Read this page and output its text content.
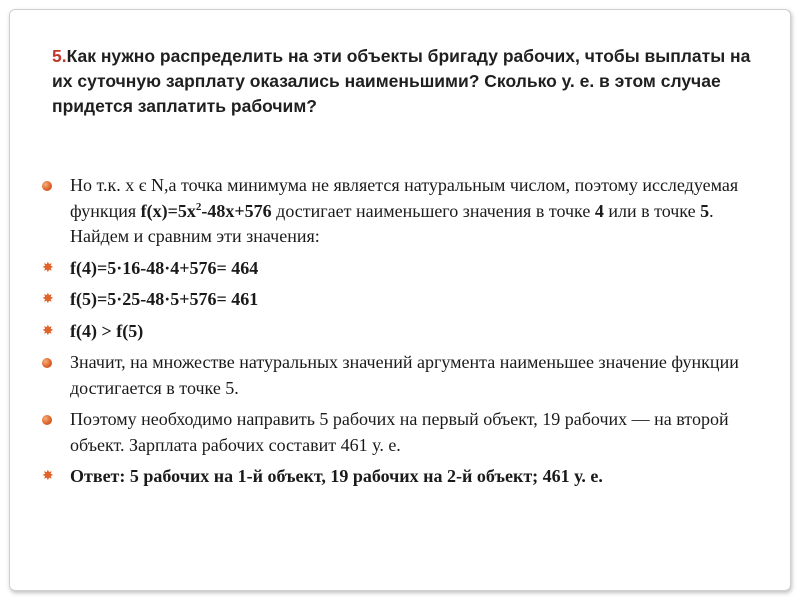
5.Как нужно распределить на эти объекты бригаду рабочих, чтобы выплаты на их суточную зарплату оказались наименьшими? Сколько у. е. в этом случае придется заплатить рабочим?
Но т.к. х є N,а точка минимума не является натуральным числом, поэтому исследуемая функция $f(x)=5x^2-48x+576$ достигает наименьшего значения в точке 4 или в точке 5. Найдем и сравним эти значения:
✸ f(4)=5·16-48·4+576= 464
✸ f(5)=5·25-48·5+576= 461
✸ f(4) > f(5)
Значит, на множестве натуральных значений аргумента наименьшее значение функции достигается в точке 5.
Поэтому необходимо направить 5 рабочих на первый объект, 19 рабочих — на второй объект. Зарплата рабочих составит 461 у. е.
✸ Ответ: 5 рабочих на 1-й объект, 19 рабочих на 2-й объект; 461 у. е.
